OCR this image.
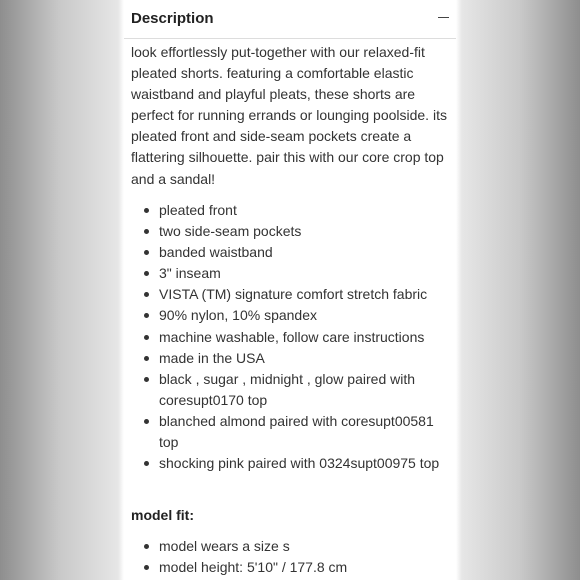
Description

look effortlessly put-together with our relaxed-fit pleated shorts. featuring a comfortable elastic waistband and playful pleats, these shorts are perfect for running errands or lounging poolside. its pleated front and side-seam pockets create a flattering silhouette. pair this with our core crop top and a sandal!

pleated front
two side-seam pockets
banded waistband
3" inseam
VISTA (TM) signature comfort stretch fabric
90% nylon, 10% spandex
machine washable, follow care instructions
made in the USA
black , sugar , midnight , glow paired with coresupt0170 top
blanched almond paired with coresupt00581 top
shocking pink paired with 0324supt00975 top
model fit:
model wears a size s
model height: 5'10" / 177.8 cm
